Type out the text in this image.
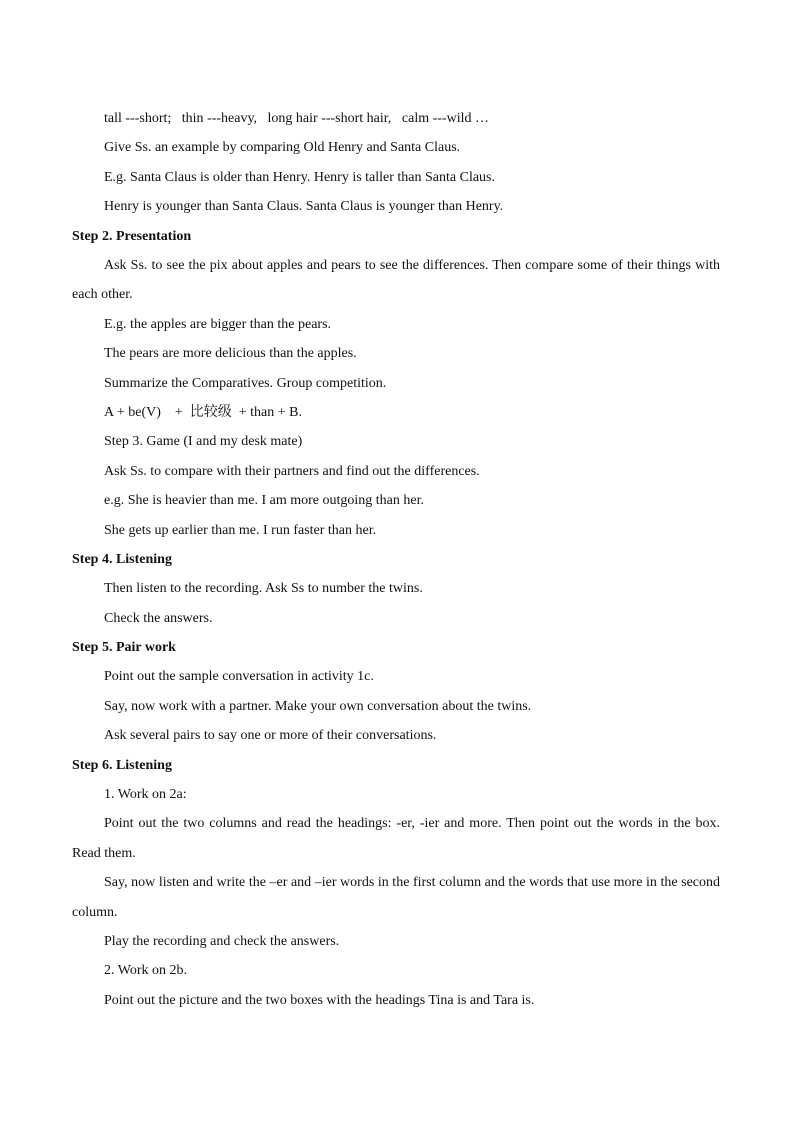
tall ---short;   thin ---heavy,   long hair ---short hair,   calm ---wild …
Give Ss. an example by comparing Old Henry and Santa Claus.
E.g. Santa Claus is older than Henry. Henry is taller than Santa Claus.
Henry is younger than Santa Claus. Santa Claus is younger than Henry.
Step 2. Presentation
Ask Ss. to see the pix about apples and pears to see the differences. Then compare some of their things with each other.
E.g. the apples are bigger than the pears.
The pears are more delicious than the apples.
Summarize the Comparatives. Group competition.
A + be(V)    +  比较级  + than + B.
Step 3. Game (I and my desk mate)
Ask Ss. to compare with their partners and find out the differences.
e.g. She is heavier than me. I am more outgoing than her.
She gets up earlier than me. I run faster than her.
Step 4. Listening
Then listen to the recording. Ask Ss to number the twins.
Check the answers.
Step 5. Pair work
Point out the sample conversation in activity 1c.
Say, now work with a partner. Make your own conversation about the twins.
Ask several pairs to say one or more of their conversations.
Step 6. Listening
1. Work on 2a:
Point out the two columns and read the headings: -er, -ier and more. Then point out the words in the box. Read them.
Say, now listen and write the –er and –ier words in the first column and the words that use more in the second column.
Play the recording and check the answers.
2. Work on 2b.
Point out the picture and the two boxes with the headings Tina is and Tara is.
